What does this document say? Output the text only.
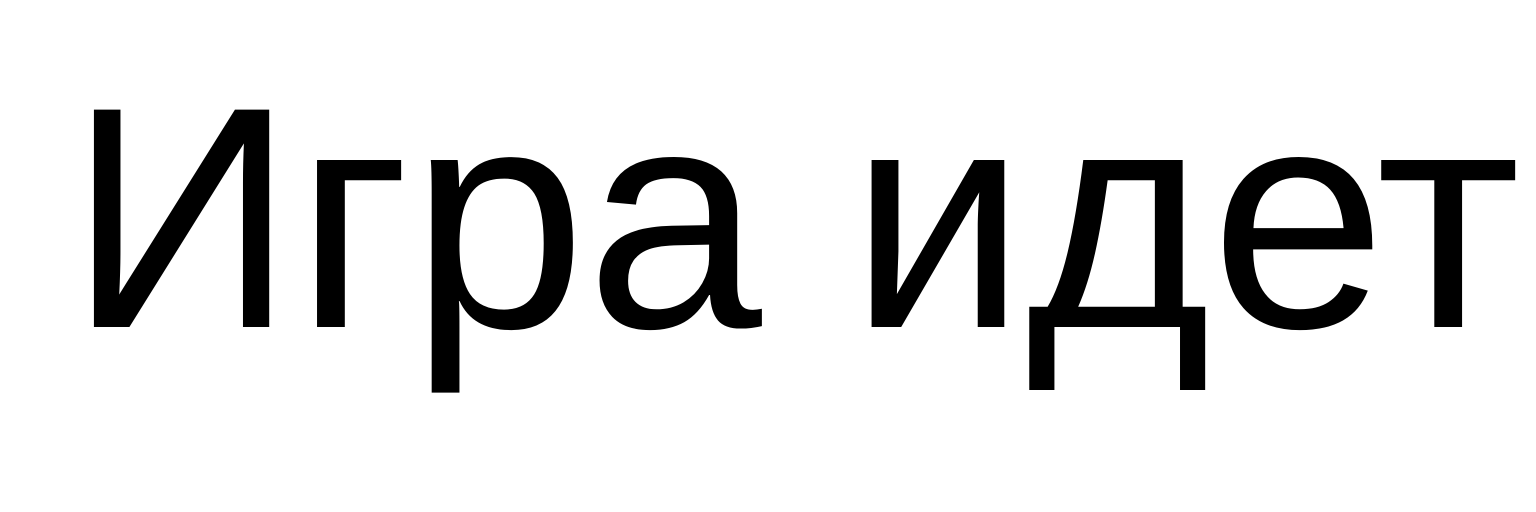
Игра идет
